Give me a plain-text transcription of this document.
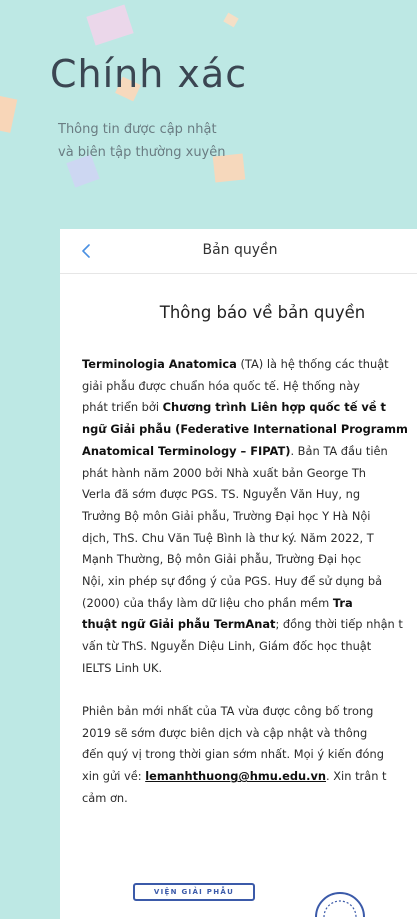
Chính xác

Thông tin được cập nhật
và biên tập thường xuyên

Bản quyền
Thông báo về bản quyền

Terminologia Anatomica (TA) là hệ thống các thuật
giải phẫu được chuẩn hóa quốc tế. Hệ thống này
phát triển bởi Chương trình Liên hợp quốc tế về t
ngữ Giải phẫu (Federative International Programm
Anatomical Terminology – FIPAT). Bản TA đầu tiên
phát hành năm 2000 bởi Nhà xuất bản George Th
Verla đã sớm được PGS. TS. Nguyễn Văn Huy, ng
Trưởng Bộ môn Giải phẫu, Trường Đại học Y Hà Nội
dịch, ThS. Chu Văn Tuệ Bình là thư ký. Năm 2022, T
Mạnh Thường, Bộ môn Giải phẫu, Trường Đại học
Nội, xin phép sự đồng ý của PGS. Huy để sử dụng bả
(2000) của thầy làm dữ liệu cho phần mềm Tra
thuật ngữ Giải phẫu TermAnat; đồng thời tiếp nhận t
vấn từ ThS. Nguyễn Diệu Linh, Giám đốc học thuật
IELTS Linh UK.

Phiên bản mới nhất của TA vừa được công bố trong
2019 sẽ sớm được biên dịch và cập nhật và thông
đến quý vị trong thời gian sớm nhất. Mọi ý kiến đóng
xin gửi về: lemanhthuong@hmu.edu.vn. Xin trân t
cảm ơn.

VIỆN GIẢI PHẪU
